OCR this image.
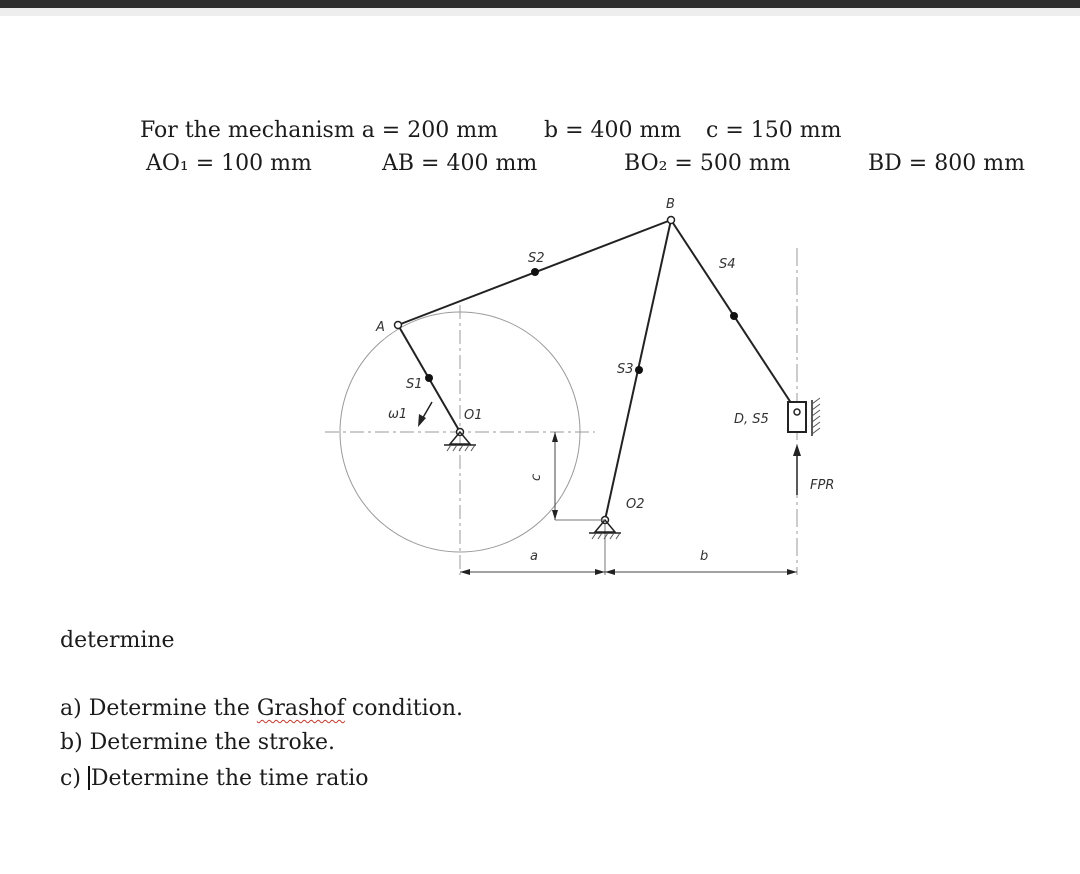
For the mechanism a = 200 mm b = 400 mm c = 150 mm
AO₁ = 100 mm	AB = 400 mm	BO₂ = 500 mm	BD = 800 mm
A
B
S1
S2
S3
S4
D, S5
O1
O2
ω1
c
a	b
FPR
determine
a) Determine the Grashof condition.
b) Determine the stroke.
c) Determine the time ratio
